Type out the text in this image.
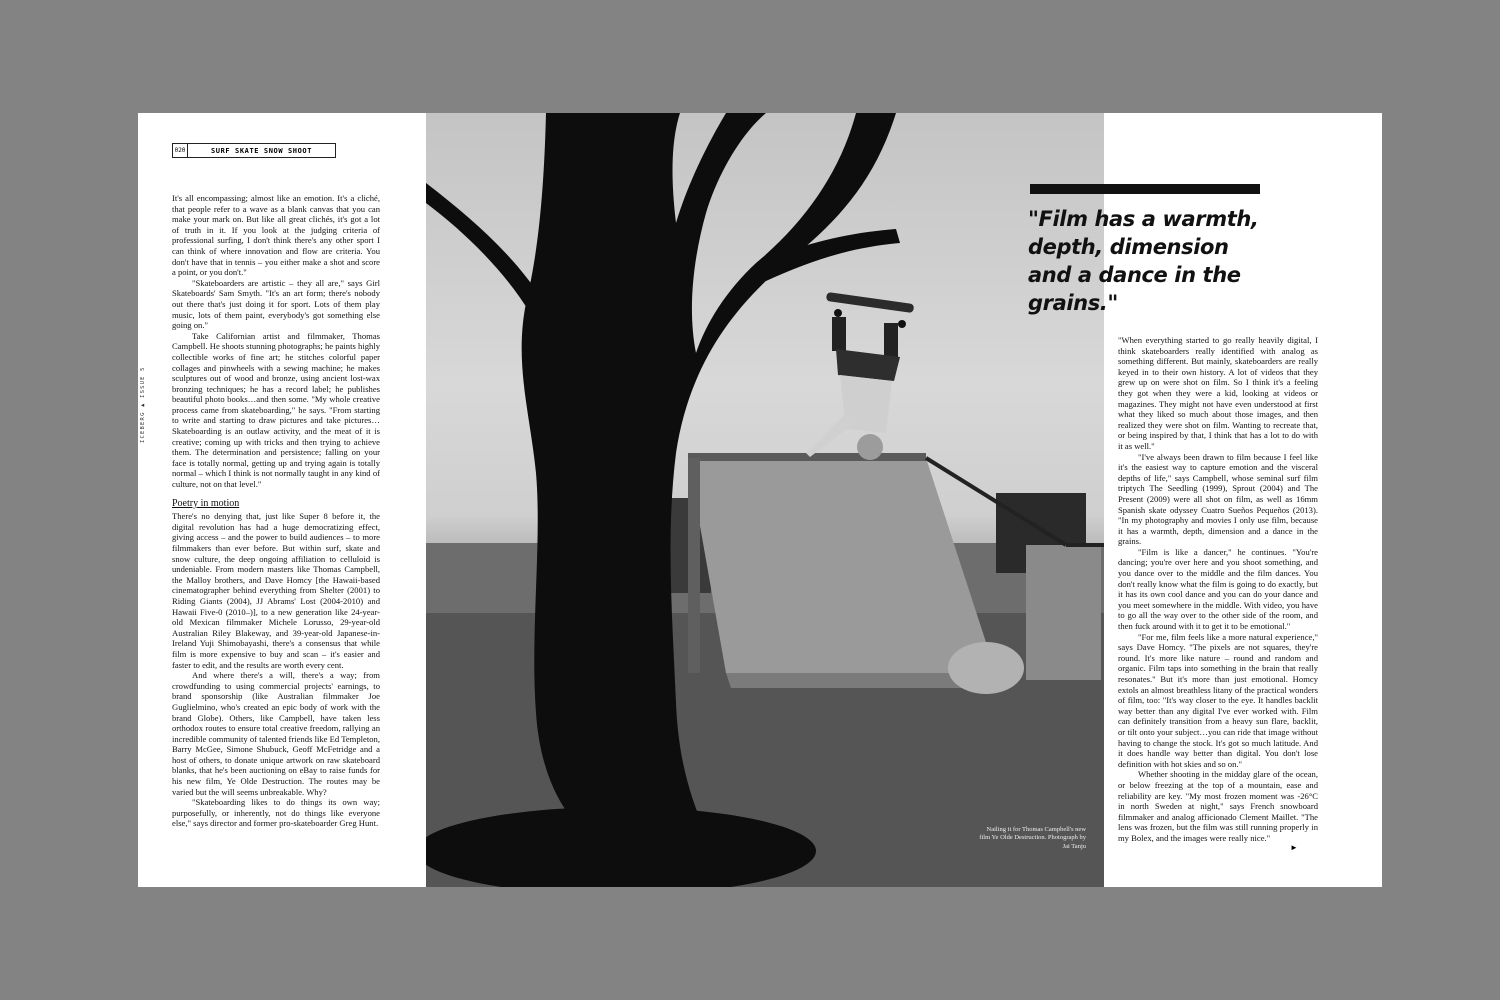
020	SURF SKATE SNOW SHOOT
ICEBERG ▲ ISSUE 5

It's all encompassing; almost like an emotion. It's a cliché, that people refer to a wave as a blank canvas that you can make your mark on. But like all great clichés, it's got a lot of truth in it. If you look at the judging criteria of professional surfing, I don't think there's any other sport I can think of where innovation and flow are criteria. You don't have that in tennis – you either make a shot and score a point, or you don't."

"Skateboarders are artistic – they all are," says Girl Skateboards' Sam Smyth. "It's an art form; there's nobody out there that's just doing it for sport. Lots of them play music, lots of them paint, everybody's got something else going on."

Take Californian artist and filmmaker, Thomas Campbell. He shoots stunning photographs; he paints highly collectible works of fine art; he stitches colorful paper collages and pinwheels with a sewing machine; he makes sculptures out of wood and bronze, using ancient lost-wax bronzing techniques; he has a record label; he publishes beautiful photo books…and then some. "My whole creative process came from skateboarding," he says. "From starting to write and starting to draw pictures and take pictures… Skateboarding is an outlaw activity, and the meat of it is creative; coming up with tricks and then trying to achieve them. The determination and persistence; falling on your face is totally normal, getting up and trying again is totally normal – which I think is not normally taught in any kind of culture, not on that level."

Poetry in motion

There's no denying that, just like Super 8 before it, the digital revolution has had a huge democratizing effect, giving access – and the power to build audiences – to more filmmakers than ever before. But within surf, skate and snow culture, the deep ongoing affiliation to celluloid is undeniable. From modern masters like Thomas Campbell, the Malloy brothers, and Dave Homcy [the Hawaii-based cinematographer behind everything from Shelter (2001) to Riding Giants (2004), JJ Abrams' Lost (2004-2010) and Hawaii Five-0 (2010–)], to a new generation like 24-year-old Mexican filmmaker Michele Lorusso, 29-year-old Australian Riley Blakeway, and 39-year-old Japanese-in-Ireland Yuji Shimobayashi, there's a consensus that while film is more expensive to buy and scan – it's easier and faster to edit, and the results are worth every cent.

And where there's a will, there's a way; from crowdfunding to using commercial projects' earnings, to brand sponsorship (like Australian filmmaker Joe Guglielmino, who's created an epic body of work with the brand Globe). Others, like Campbell, have taken less orthodox routes to ensure total creative freedom, rallying an incredible community of talented friends like Ed Templeton, Barry McGee, Simone Shubuck, Geoff McFetridge and a host of others, to donate unique artwork on raw skateboard blanks, that he's been auctioning on eBay to raise funds for his new film, Ye Olde Destruction. The routes may be varied but the will seems unbreakable. Why?

"Skateboarding likes to do things its own way; purposefully, or inherently, not do things like everyone else," says director and former pro-skateboarder Greg Hunt.

Nailing it for Thomas Campbell's new film Ye Olde Destruction. Photograph by Jai Tanju
"Film has a warmth, depth, dimension and a dance in the grains."

"When everything started to go really heavily digital, I think skateboarders really identified with analog as something different. But mainly, skateboarders are really keyed in to their own history. A lot of videos that they grew up on were shot on film. So I think it's a feeling they got when they were a kid, looking at videos or magazines. They might not have even understood at first what they liked so much about those images, and then realized they were shot on film. Wanting to recreate that, or being inspired by that, I think that has a lot to do with it as well."

"I've always been drawn to film because I feel like it's the easiest way to capture emotion and the visceral depths of life," says Campbell, whose seminal surf film triptych The Seedling (1999), Sprout (2004) and The Present (2009) were all shot on film, as well as 16mm Spanish skate odyssey Cuatro Sueños Pequeños (2013). "In my photography and movies I only use film, because it has a warmth, depth, dimension and a dance in the grains.

"Film is like a dancer," he continues. "You're dancing; you're over here and you shoot something, and you dance over to the middle and the film dances. You don't really know what the film is going to do exactly, but it has its own cool dance and you can do your dance and you meet somewhere in the middle. With video, you have to go all the way over to the other side of the room, and then fuck around with it to get it to be emotional."

"For me, film feels like a more natural experience," says Dave Homcy. "The pixels are not squares, they're round. It's more like nature – round and random and organic. Film taps into something in the brain that really resonates." But it's more than just emotional. Homcy extols an almost breathless litany of the practical wonders of film, too: "It's way closer to the eye. It handles backlit way better than any digital I've ever worked with. Film can definitely transition from a heavy sun flare, backlit, or tilt onto your subject…you can ride that image without having to change the stock. It's got so much latitude. And it does handle way better than digital. You don't lose definition with hot skies and so on."

Whether shooting in the midday glare of the ocean, or below freezing at the top of a mountain, ease and reliability are key. "My most frozen moment was -26°C in north Sweden at night," says French snowboard filmmaker and analog afficionado Clement Maillet. "The lens was frozen, but the film was still running properly in my Bolex, and the images were really nice."

►
